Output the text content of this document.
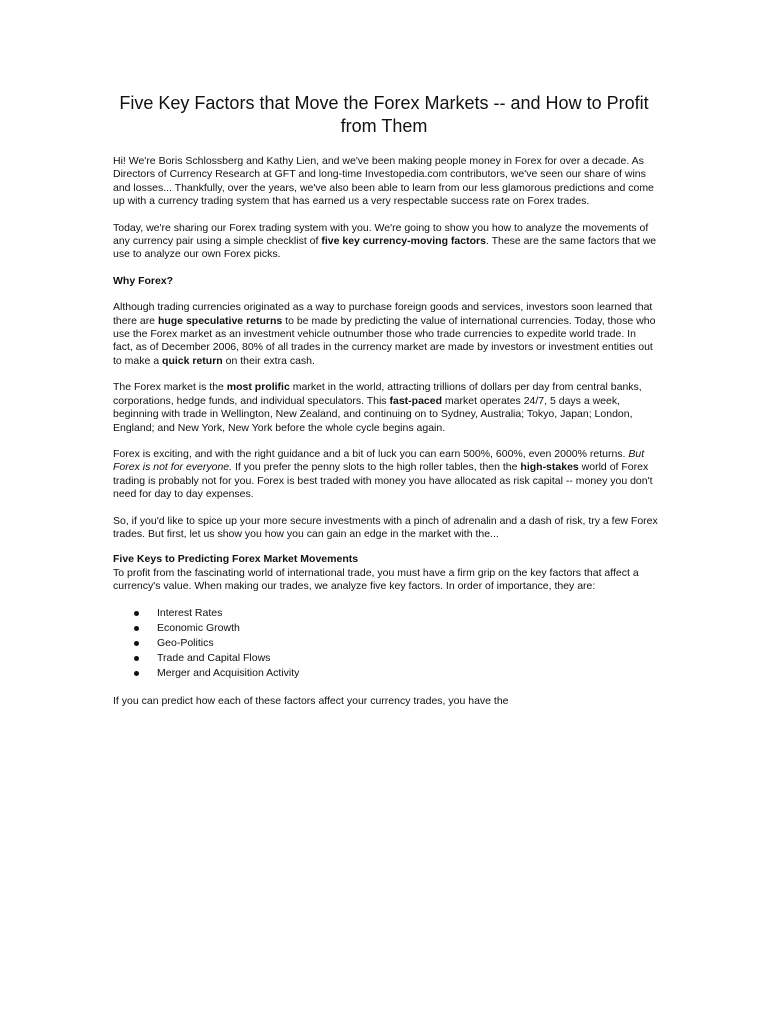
Five Key Factors that Move the Forex Markets -- and How to Profit from Them

Hi! We're Boris Schlossberg and Kathy Lien, and we've been making people money in Forex for over a decade. As Directors of Currency Research at GFT and long-time Investopedia.com contributors, we've seen our share of wins and losses... Thankfully, over the years, we've also been able to learn from our less glamorous predictions and come up with a currency trading system that has earned us a very respectable success rate on Forex trades.

Today, we're sharing our Forex trading system with you. We're going to show you how to analyze the movements of any currency pair using a simple checklist of five key currency-moving factors. These are the same factors that we use to analyze our own Forex picks.

Why Forex?

Although trading currencies originated as a way to purchase foreign goods and services, investors soon learned that there are huge speculative returns to be made by predicting the value of international currencies. Today, those who use the Forex market as an investment vehicle outnumber those who trade currencies to expedite world trade. In fact, as of December 2006, 80% of all trades in the currency market are made by investors or investment entities out to make a quick return on their extra cash.

The Forex market is the most prolific market in the world, attracting trillions of dollars per day from central banks, corporations, hedge funds, and individual speculators. This fast-paced market operates 24/7, 5 days a week, beginning with trade in Wellington, New Zealand, and continuing on to Sydney, Australia; Tokyo, Japan; London, England; and New York, New York before the whole cycle begins again.

Forex is exciting, and with the right guidance and a bit of luck you can earn 500%, 600%, even 2000% returns. But Forex is not for everyone. If you prefer the penny slots to the high roller tables, then the high-stakes world of Forex trading is probably not for you. Forex is best traded with money you have allocated as risk capital -- money you don't need for day to day expenses.

So, if you'd like to spice up your more secure investments with a pinch of adrenalin and a dash of risk, try a few Forex trades. But first, let us show you how you can gain an edge in the market with the...

Five Keys to Predicting Forex Market Movements

To profit from the fascinating world of international trade, you must have a firm grip on the key factors that affect a currency's value. When making our trades, we analyze five key factors. In order of importance, they are:

Interest Rates
Economic Growth
Geo-Politics
Trade and Capital Flows
Merger and Acquisition Activity

If you can predict how each of these factors affect your currency trades, you have the
